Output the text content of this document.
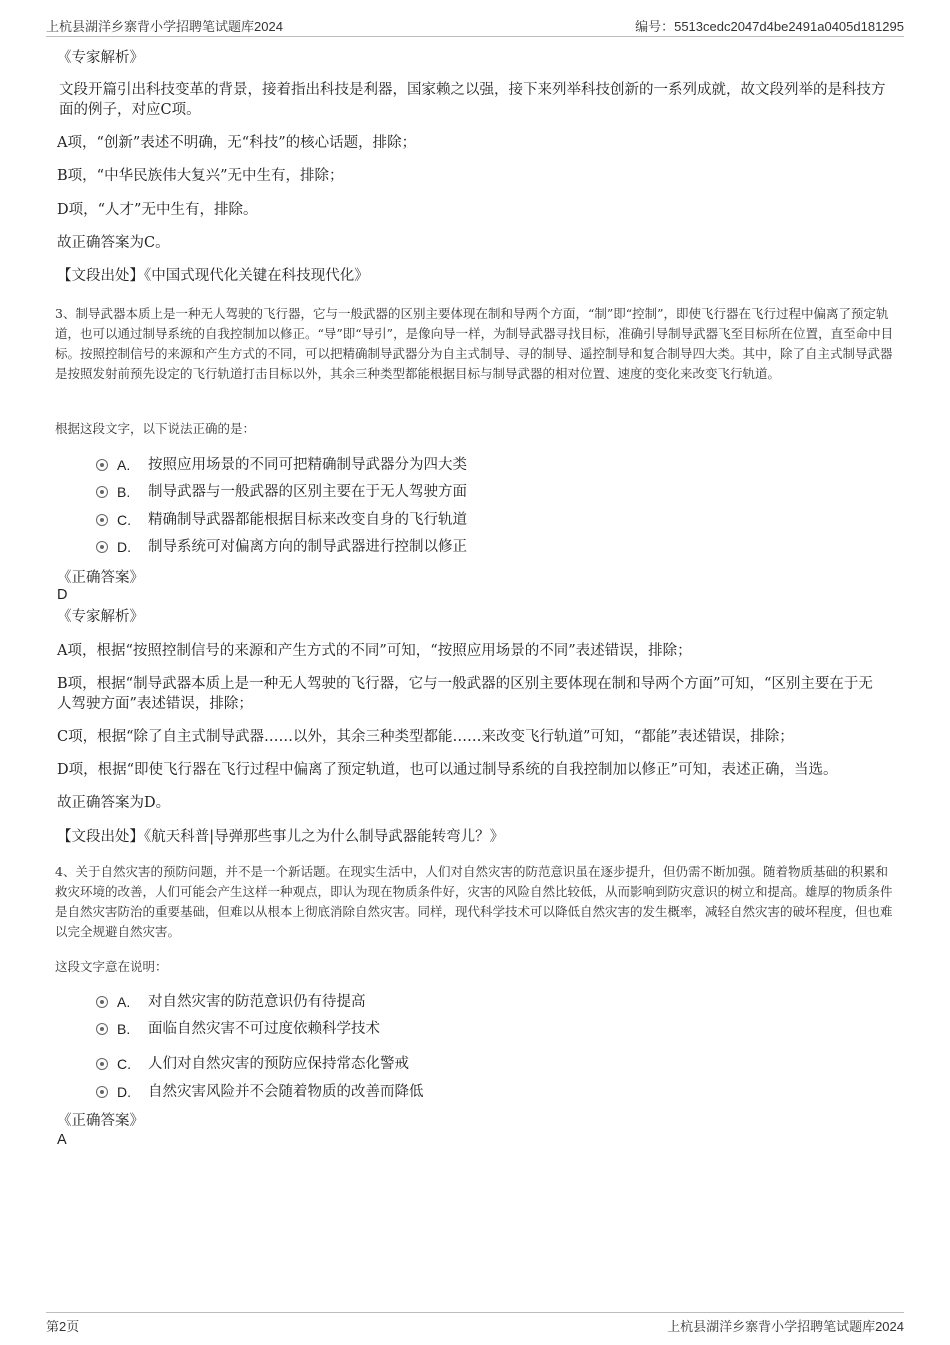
上杭县湖洋乡寨背小学招聘笔试题库2024	编号：5513cedc2047d4be2491a0405d181295

《专家解析》

文段开篇引出科技变革的背景，接着指出科技是利器，国家赖之以强，接下来列举科技创新的一系列成就，故文段列举的是科技方面的例子，对应C项。

A项，“创新”表述不明确，无“科技”的核心话题，排除；

B项，“中华民族伟大复兴”无中生有，排除；

D项，“人才”无中生有，排除。

故正确答案为C。

【文段出处】《中国式现代化关键在科技现代化》

3、制导武器本质上是一种无人驾驶的飞行器，它与一般武器的区别主要体现在制和导两个方面，“制”即“控制”，即使飞行器在飞行过程中偏离了预定轨道，也可以通过制导系统的自我控制加以修正。“导”即“导引”，是像向导一样，为制导武器寻找目标，准确引导制导武器飞至目标所在位置，直至命中目标。按照控制信号的来源和产生方式的不同，可以把精确制导武器分为自主式制导、寻的制导、遥控制导和复合制导四大类。其中，除了自主式制导武器是按照发射前预先设定的飞行轨道打击目标以外，其余三种类型都能根据目标与制导武器的相对位置、速度的变化来改变飞行轨道。

根据这段文字，以下说法正确的是：

A.	按照应用场景的不同可把精确制导武器分为四大类
B.	制导武器与一般武器的区别主要在于无人驾驶方面
C.	精确制导武器都能根据目标来改变自身的飞行轨道
D.	制导系统可对偏离方向的制导武器进行控制以修正

《正确答案》

D

《专家解析》

A项，根据“按照控制信号的来源和产生方式的不同”可知，“按照应用场景的不同”表述错误，排除；

B项，根据“制导武器本质上是一种无人驾驶的飞行器，它与一般武器的区别主要体现在制和导两个方面”可知，“区别主要在于无人驾驶方面”表述错误，排除；

C项，根据“除了自主式制导武器……以外，其余三种类型都能……来改变飞行轨道”可知，“都能”表述错误，排除；

D项，根据“即使飞行器在飞行过程中偏离了预定轨道，也可以通过制导系统的自我控制加以修正”可知，表述正确，当选。

故正确答案为D。

【文段出处】《航天科普|导弹那些事儿之为什么制导武器能转弯儿？》

4、关于自然灾害的预防问题，并不是一个新话题。在现实生活中，人们对自然灾害的防范意识虽在逐步提升，但仍需不断加强。随着物质基础的积累和救灾环境的改善，人们可能会产生这样一种观点，即认为现在物质条件好，灾害的风险自然比较低，从而影响到防灾意识的树立和提高。雄厚的物质条件是自然灾害防治的重要基础，但难以从根本上彻底消除自然灾害。同样，现代科学技术可以降低自然灾害的发生概率，减轻自然灾害的破坏程度，但也难以完全规避自然灾害。

这段文字意在说明：

A.	对自然灾害的防范意识仍有待提高
B.	面临自然灾害不可过度依赖科学技术
C.	人们对自然灾害的预防应保持常态化警戒
D.	自然灾害风险并不会随着物质的改善而降低

《正确答案》

A

第2页	上杭县湖洋乡寨背小学招聘笔试题库2024
